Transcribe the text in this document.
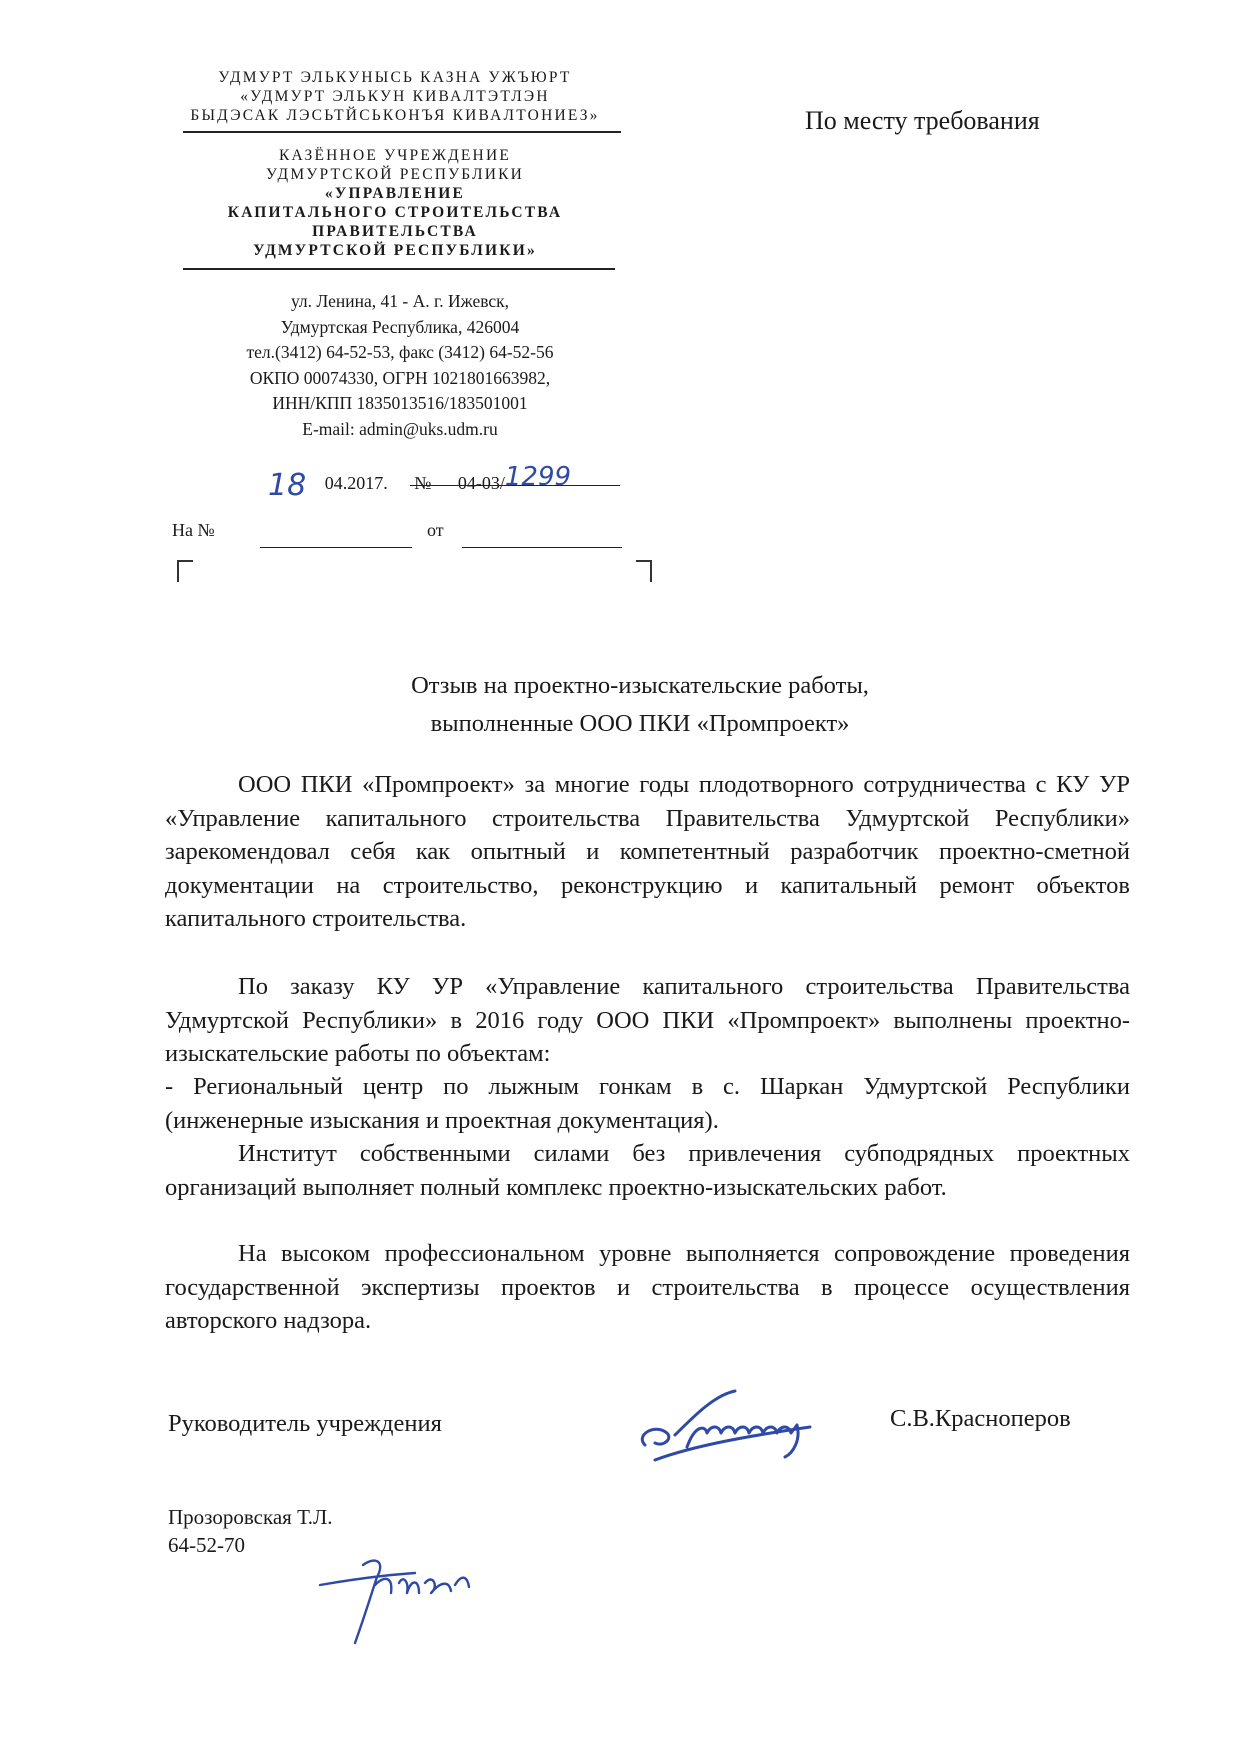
УДМУРТ ЭЛЬКУНЫСЬ КАЗНА УЖЪЮРТ
«УДМУРТ ЭЛЬКУН КИВАЛТЭТЛЭН
БЫДЭСАК ЛЭСЬТЙСЬКОНЪЯ КИВАЛТОНИЕЗ»
КАЗЁННОЕ УЧРЕЖДЕНИЕ
УДМУРТСКОЙ РЕСПУБЛИКИ
«УПРАВЛЕНИЕ
КАПИТАЛЬНОГО СТРОИТЕЛЬСТВА
ПРАВИТЕЛЬСТВА
УДМУРТСКОЙ РЕСПУБЛИКИ»
ул. Ленина, 41 - А. г. Ижевск,
Удмуртская Республика, 426004
тел.(3412) 64-52-53, факс (3412) 64-52-56
ОКПО 00074330, ОГРН 1021801663982,
ИНН/КПП 1835013516/183501001
E-mail: admin@uks.udm.ru
По месту требования
18 04.2017. № 04-03/1299
На №	от
Отзыв на проектно-изыскательские работы,
выполненные ООО ПКИ «Промпроект»
ООО ПКИ «Промпроект» за многие годы плодотворного сотрудничества с КУ УР «Управление капитального строительства Правительства Удмуртской Республики» зарекомендовал себя как опытный и компетентный разработчик проектно-сметной документации на строительство, реконструкцию и капитальный ремонт объектов капитального строительства.
По заказу КУ УР «Управление капитального строительства Правительства Удмуртской Республики» в 2016 году ООО ПКИ «Промпроект» выполнены проектно-изыскательские работы по объектам:
- Региональный центр по лыжным гонкам в с. Шаркан Удмуртской Республики (инженерные изыскания и проектная документация).
Институт собственными силами без привлечения субподрядных проектных организаций выполняет полный комплекс проектно-изыскательских работ.
На высоком профессиональном уровне выполняется сопровождение проведения государственной экспертизы проектов и строительства в процессе осуществления авторского надзора.
Руководитель учреждения	С.В.Красноперов
Прозоровская Т.Л.
64-52-70
